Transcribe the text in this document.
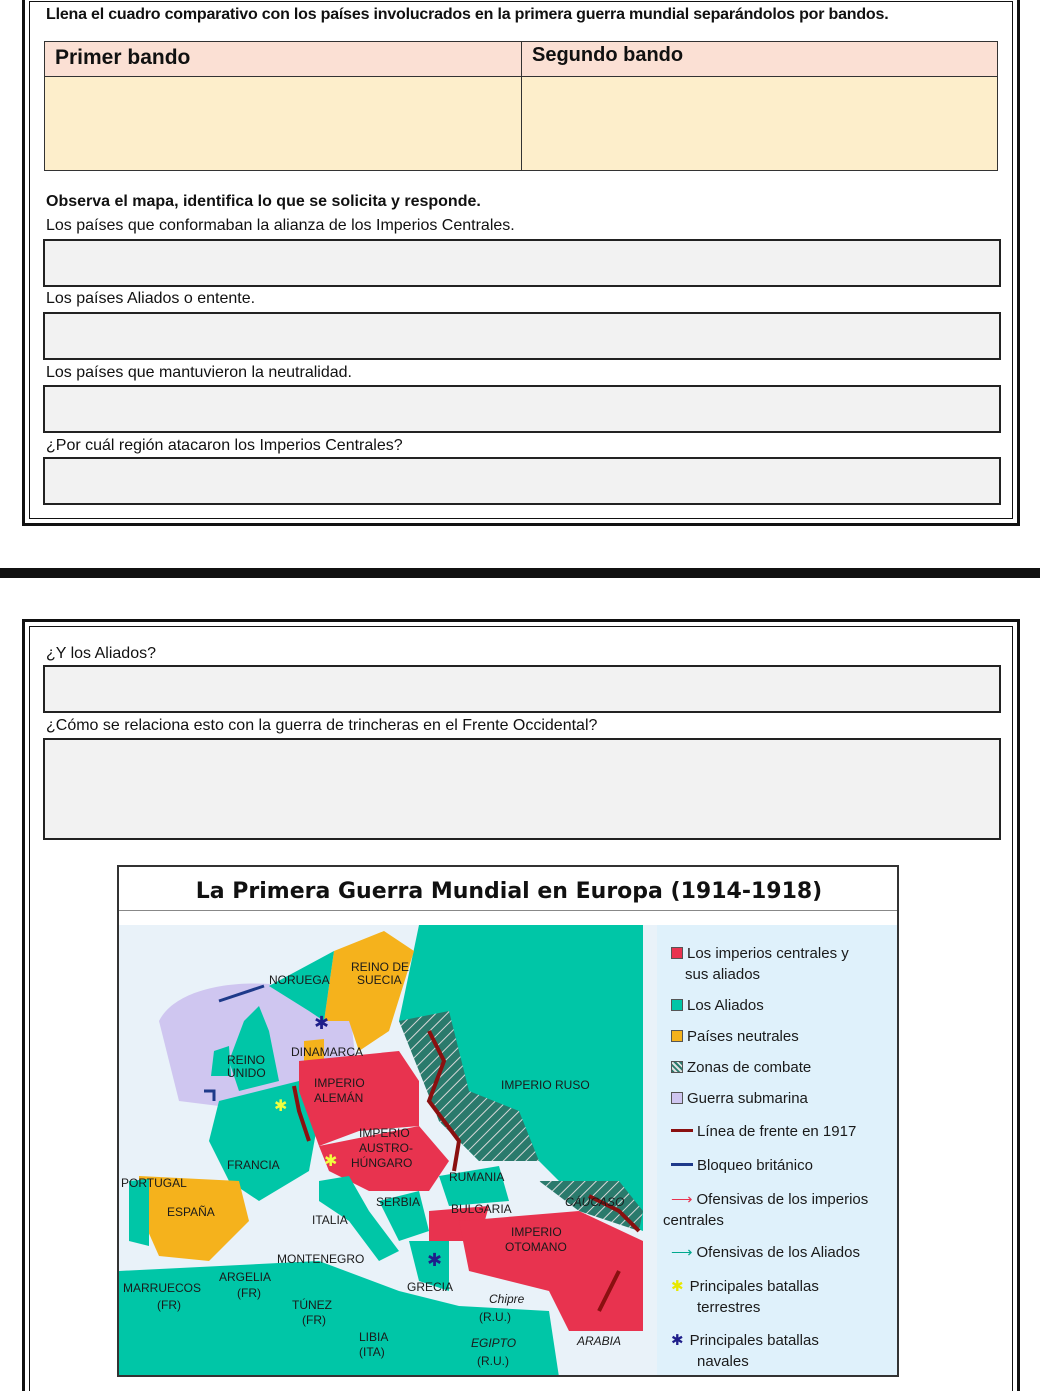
Llena el cuadro comparativo con los países involucrados en la primera guerra mundial separándolos por bandos.
Primer bando	Segundo bando
Observa el mapa, identifica lo que se solicita y responde.
Los países que conformaban la alianza de los Imperios Centrales.
Los países Aliados o entente.
Los países que mantuvieron la neutralidad.
¿Por cuál región atacaron los Imperios Centrales?
¿Y los Aliados?
¿Cómo se relaciona esto con la guerra de trincheras en el Frente Occidental?
La Primera Guerra Mundial en Europa (1914-1918)
✱
✱
✱
✱
NORUEGA
REINO DE
SUECIA
DINAMARCA
REINO
UNIDO
IMPERIO
ALEMÁN
IMPERIO RUSO
IMPERIO
AUSTRO-
HÚNGARO
FRANCIA
PORTUGAL
ESPAÑA
ITALIA
SERBIA
RUMANIA
BULGARIA	CÁUCASO
IMPERIO
OTOMANO
MONTENEGRO
GRECIA
ARGELIA
(FR)
MARRUECOS
(FR)	TÚNEZ
(FR)
LIBIA
(ITA)
Chipre
(R.U.)
EGIPTO
(R.U.)
ARABIA
Los imperios centrales y
sus aliados
Los Aliados
Países neutrales
Zonas de combate
Guerra submarina
Línea de frente en 1917
Bloqueo británico
⟶ Ofensivas de los imperios
centrales
⟶ Ofensivas de los Aliados
✱ Principales batallas
terrestres
✱ Principales batallas
navales
